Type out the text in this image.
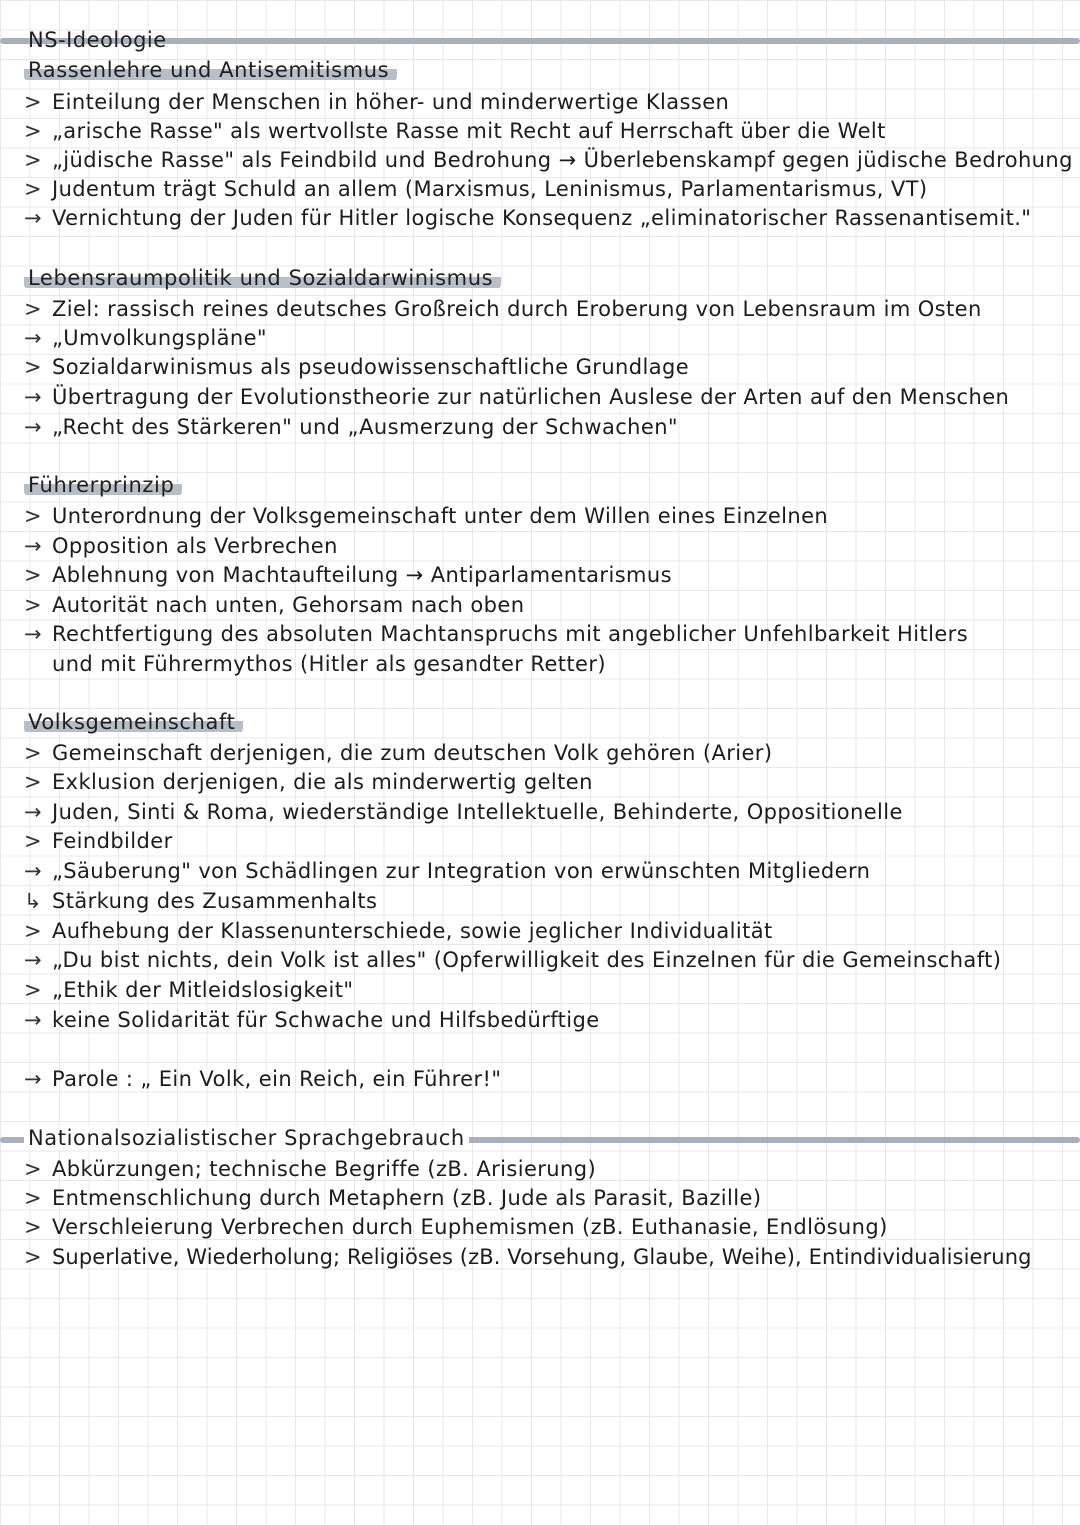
NS-Ideologie
Rassenlehre und Antisemitismus
> Einteilung der Menschen in höher- und minderwertige Klassen
> „arische Rasse" als wertvollste Rasse mit Recht auf Herrschaft über die Welt
> „jüdische Rasse" als Feindbild und Bedrohung → Überlebenskampf gegen jüdische Bedrohung
> Judentum trägt Schuld an allem (Marxismus, Leninismus, Parlamentarismus, VT)
→ Vernichtung der Juden für Hitler logische Konsequenz „eliminatorischer Rassenantisemit."
Lebensraumpolitik und Sozialdarwinismus
> Ziel: rassisch reines deutsches Großreich durch Eroberung von Lebensraum im Osten
→ „Umvolkungspläne"
> Sozialdarwinismus als pseudowissenschaftliche Grundlage
→ Übertragung der Evolutionstheorie zur natürlichen Auslese der Arten auf den Menschen
→ „Recht des Stärkeren" und „Ausmerzung der Schwachen"
Führerprinzip
> Unterordnung der Volksgemeinschaft unter dem Willen eines Einzelnen
→ Opposition als Verbrechen
> Ablehnung von Machtaufteilung → Antiparlamentarismus
> Autorität nach unten, Gehorsam nach oben
→ Rechtfertigung des absoluten Machtanspruchs mit angeblicher Unfehlbarkeit Hitlers
und mit Führermythos (Hitler als gesandter Retter)
Volksgemeinschaft
> Gemeinschaft derjenigen, die zum deutschen Volk gehören (Arier)
> Exklusion derjenigen, die als minderwertig gelten
→ Juden, Sinti & Roma, wiederständige Intellektuelle, Behinderte, Oppositionelle
> Feindbilder
→ „Säuberung" von Schädlingen zur Integration von erwünschten Mitgliedern
↳ Stärkung des Zusammenhalts
> Aufhebung der Klassenunterschiede, sowie jeglicher Individualität
→ „Du bist nichts, dein Volk ist alles" (Opferwilligkeit des Einzelnen für die Gemeinschaft)
> „Ethik der Mitleidslosigkeit"
→ keine Solidarität für Schwache und Hilfsbedürftige
→ Parole : „ Ein Volk, ein Reich, ein Führer!"
Nationalsozialistischer Sprachgebrauch
> Abkürzungen; technische Begriffe (zB. Arisierung)
> Entmenschlichung durch Metaphern (zB. Jude als Parasit, Bazille)
> Verschleierung Verbrechen durch Euphemismen (zB. Euthanasie, Endlösung)
> Superlative, Wiederholung; Religiöses (zB. Vorsehung, Glaube, Weihe), Entindividualisierung
